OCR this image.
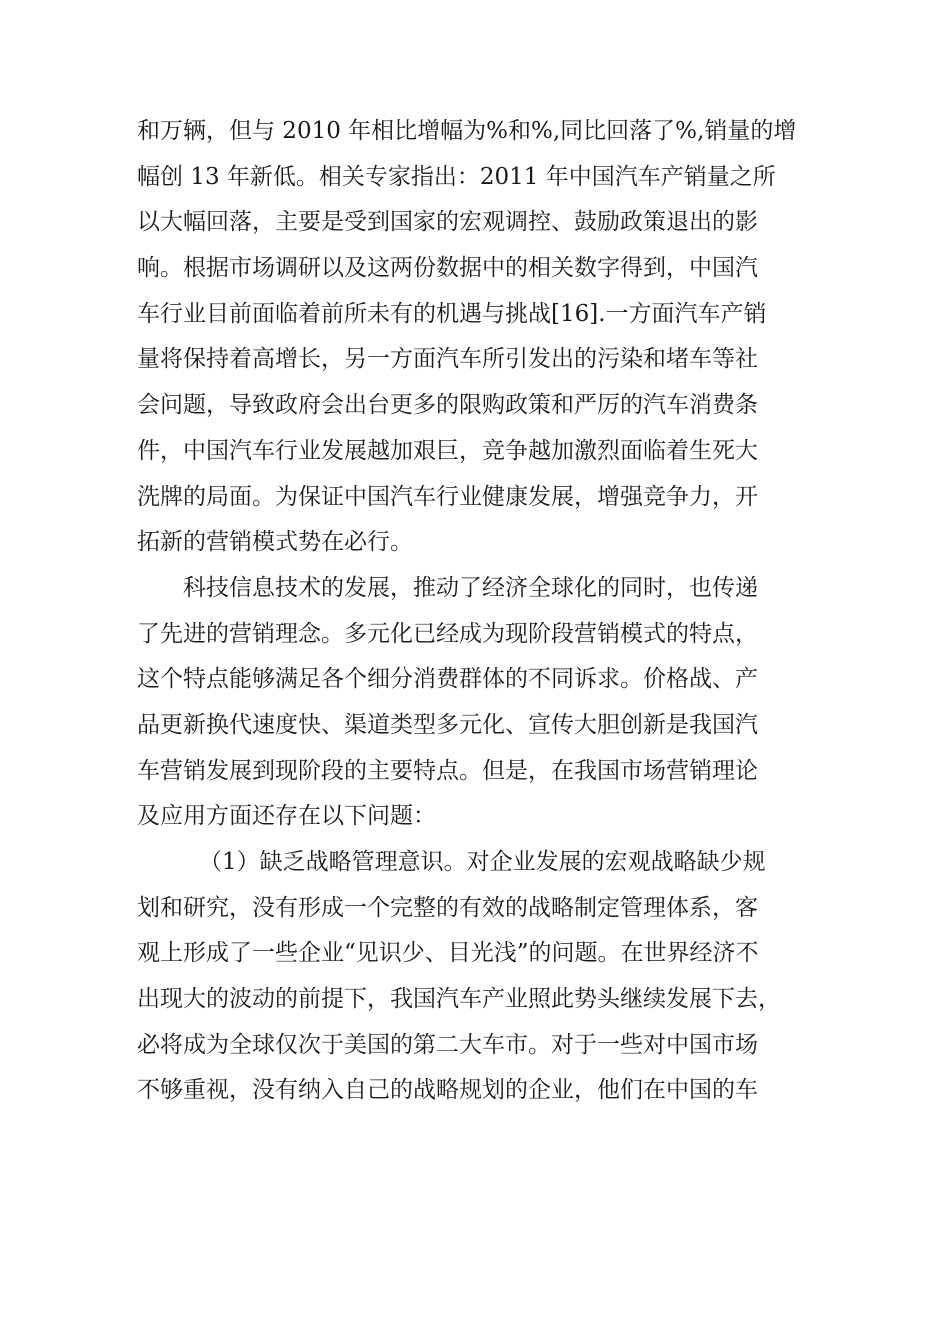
和万辆，但与 2010 年相比增幅为%和%,同比回落了%,销量的增
幅创 13 年新低。相关专家指出：2011 年中国汽车产销量之所
以大幅回落，主要是受到国家的宏观调控、鼓励政策退出的影
响。根据市场调研以及这两份数据中的相关数字得到，中国汽
车行业目前面临着前所未有的机遇与挑战[16].一方面汽车产销
量将保持着高增长，另一方面汽车所引发出的污染和堵车等社
会问题，导致政府会出台更多的限购政策和严厉的汽车消费条
件，中国汽车行业发展越加艰巨，竞争越加激烈面临着生死大
洗牌的局面。为保证中国汽车行业健康发展，增强竞争力，开
拓新的营销模式势在必行。
科技信息技术的发展，推动了经济全球化的同时，也传递
了先进的营销理念。多元化已经成为现阶段营销模式的特点，
这个特点能够满足各个细分消费群体的不同诉求。价格战、产
品更新换代速度快、渠道类型多元化、宣传大胆创新是我国汽
车营销发展到现阶段的主要特点。但是，在我国市场营销理论
及应用方面还存在以下问题：
（1）缺乏战略管理意识。对企业发展的宏观战略缺少规
划和研究，没有形成一个完整的有效的战略制定管理体系，客
观上形成了一些企业“见识少、目光浅”的问题。在世界经济不
出现大的波动的前提下，我国汽车产业照此势头继续发展下去，
必将成为全球仅次于美国的第二大车市。对于一些对中国市场
不够重视，没有纳入自己的战略规划的企业，他们在中国的车
